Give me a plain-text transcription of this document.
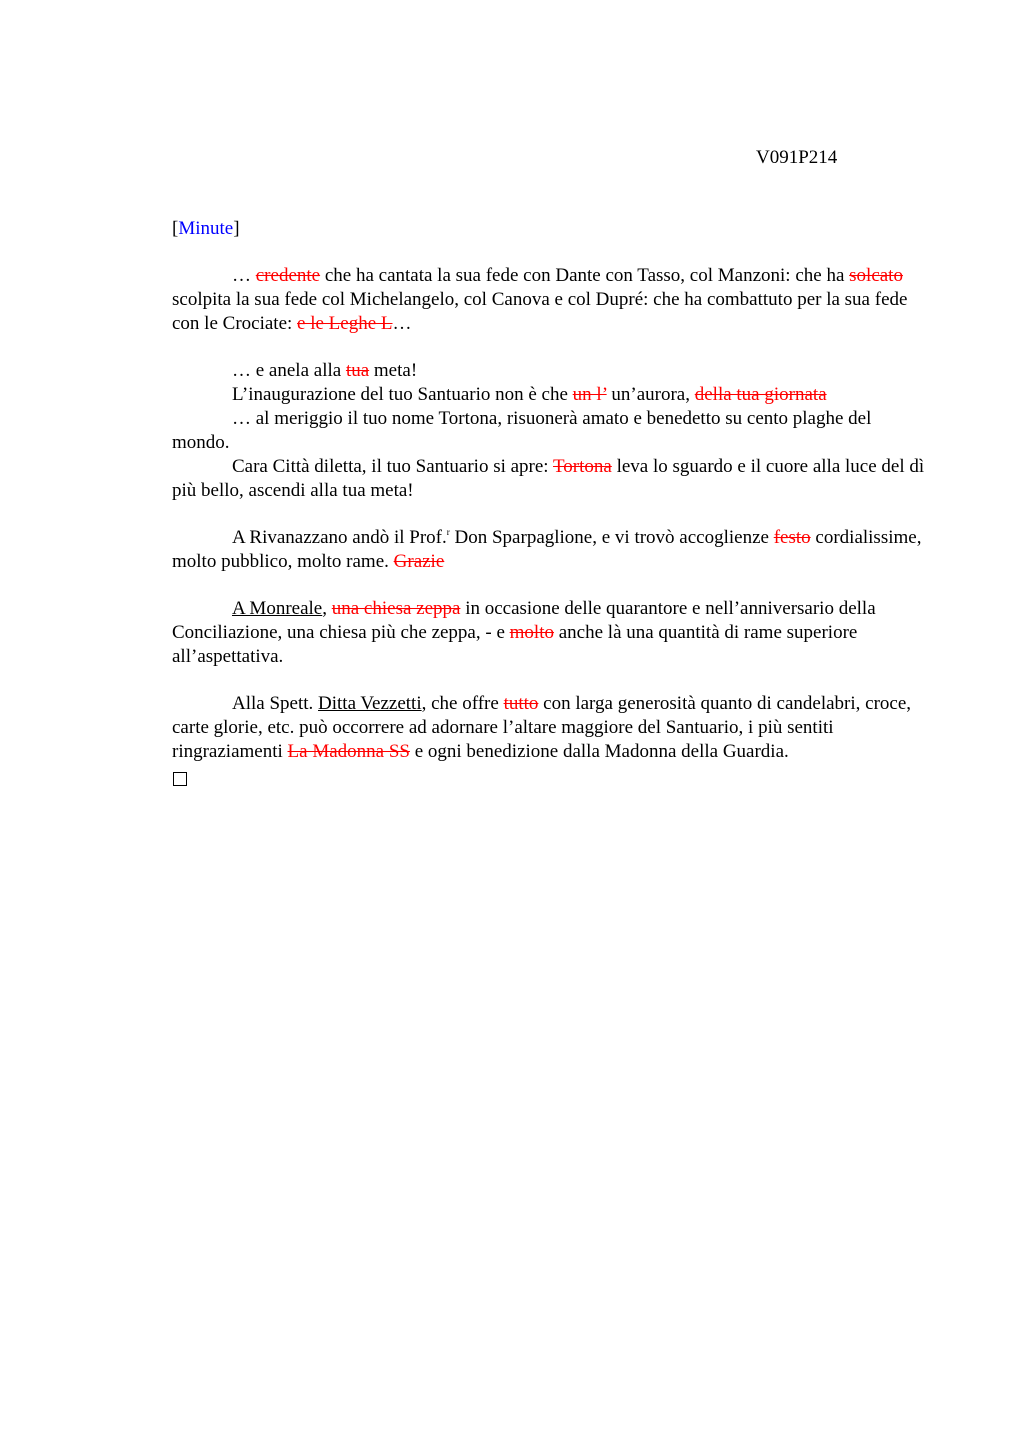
V091P214

[Minute]

… credente che ha cantata la sua fede con Dante con Tasso, col Manzoni: che ha solcato scolpita la sua fede col Michelangelo, col Canova e col Dupré: che ha combattuto per la sua fede con le Crociate: e le Leghe L…

… e anela alla tua meta!

L’inaugurazione del tuo Santuario non è che un l’ un’aurora, della tua giornata

… al meriggio il tuo nome Tortona, risuonerà amato e benedetto su cento plaghe del mondo.

Cara Città diletta, il tuo Santuario si apre: Tortona leva lo sguardo e il cuore alla luce del dì più bello, ascendi alla tua meta!

A Rivanazzano andò il Prof.$^r$ Don Sparpaglione, e vi trovò accoglienze festo cordialissime, molto pubblico, molto rame. Grazie

A Monreale, una chiesa zeppa in occasione delle quarantore e nell’anniversario della Conciliazione, una chiesa più che zeppa, - e molto anche là una quantità di rame superiore all’aspettativa.

Alla Spett. Ditta Vezzetti, che offre tutto con larga generosità quanto di candelabri, croce, carte glorie, etc. può occorrere ad adornare l’altare maggiore del Santuario, i più sentiti ringraziamenti La Madonna SS e ogni benedizione dalla Madonna della Guardia.
